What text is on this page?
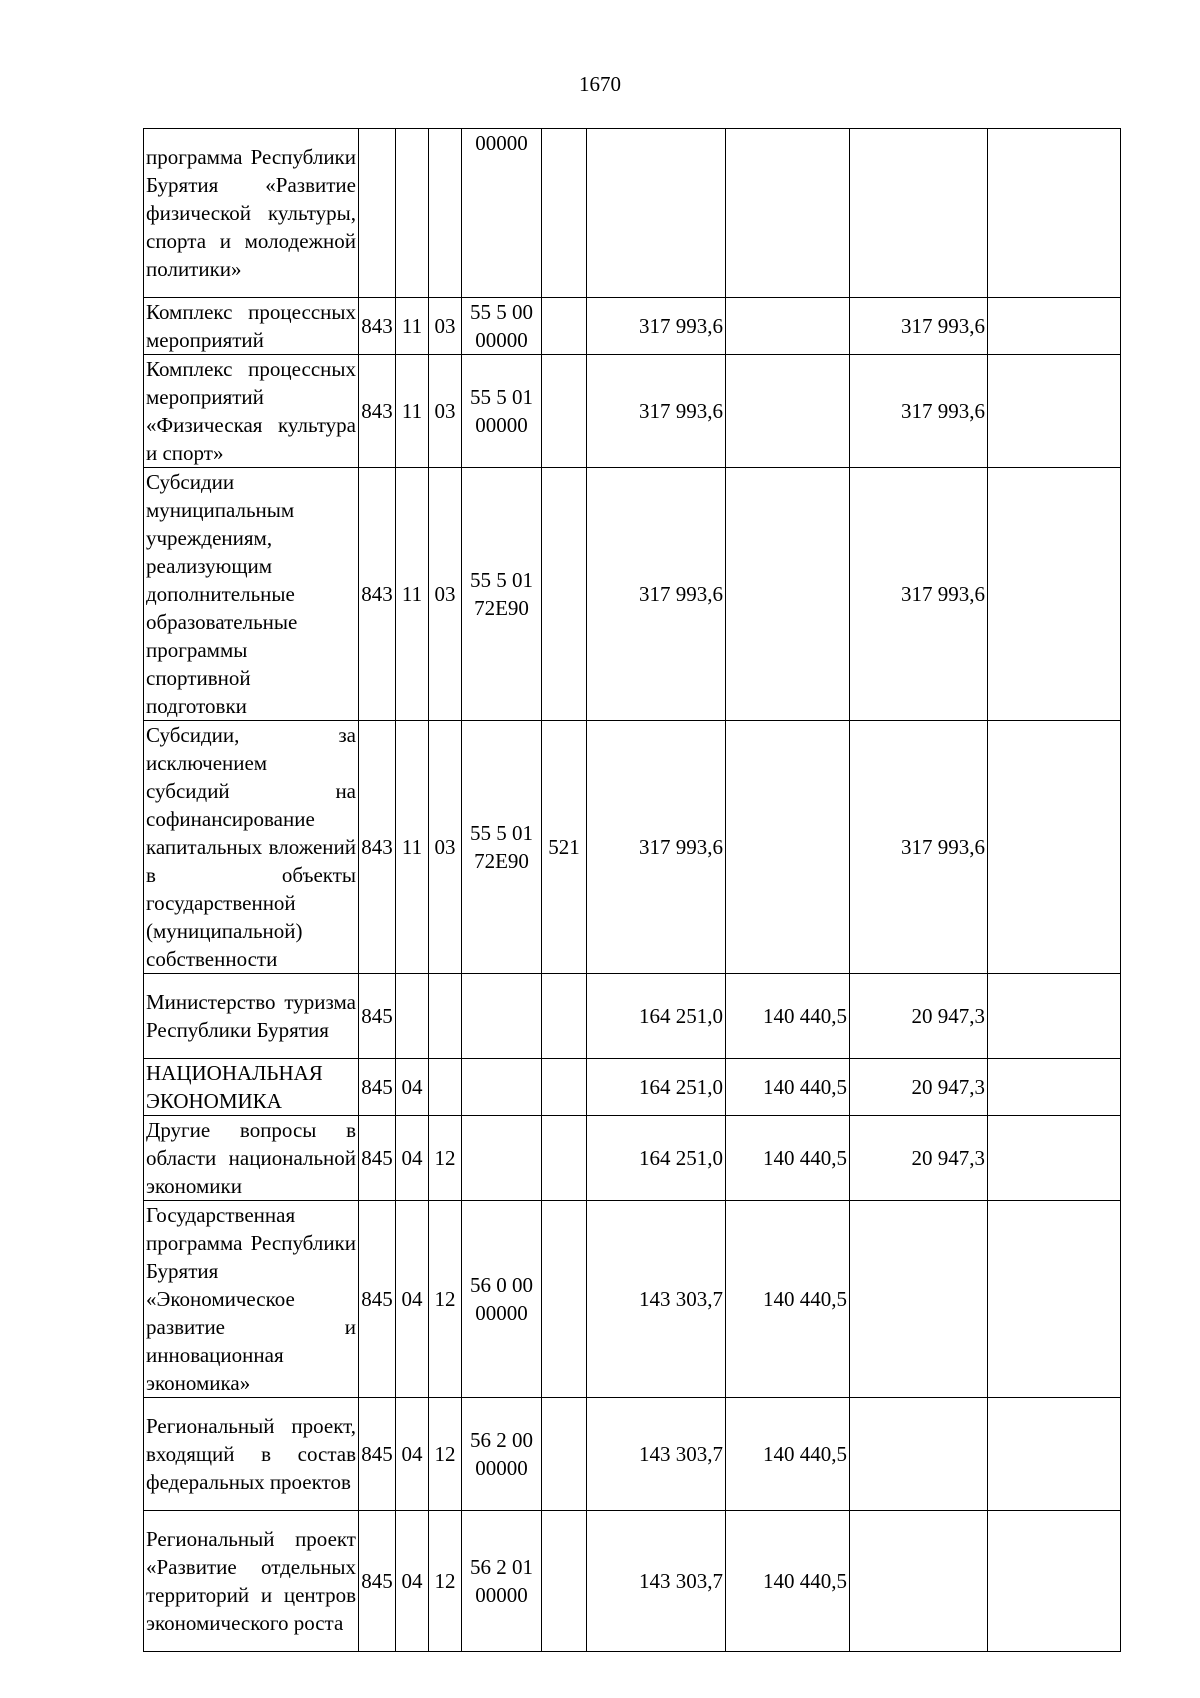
1670
программа Республики Бурятия «Развитие физической культуры, спорта и молодежной политики»				00000					
Комплекс процессных мероприятий	843	11	03	55 5 00 00000		317 993,6		317 993,6	
Комплекс процессных мероприятий «Физическая культура и спорт»	843	11	03	55 5 01 00000		317 993,6		317 993,6	
Субсидии муниципальным учреждениям, реализующим дополнительные образовательные программы спортивной подготовки	843	11	03	55 5 01 72Е90		317 993,6		317 993,6	
Субсидии, за исключением субсидий на софинансирование капитальных вложений в объекты государственной (муниципальной) собственности	843	11	03	55 5 01 72Е90	521	317 993,6		317 993,6	
Министерство туризма Республики Бурятия	845					164 251,0	140 440,5	20 947,3	
НАЦИОНАЛЬНАЯ ЭКОНОМИКА	845	04				164 251,0	140 440,5	20 947,3	
Другие вопросы в области национальной экономики	845	04	12			164 251,0	140 440,5	20 947,3	
Государственная программа Республики Бурятия «Экономическое развитие и инновационная экономика»	845	04	12	56 0 00 00000		143 303,7	140 440,5		
Региональный проект, входящий в состав федеральных проектов	845	04	12	56 2 00 00000		143 303,7	140 440,5		
Региональный проект «Развитие отдельных территорий и центров экономического роста	845	04	12	56 2 01 00000		143 303,7	140 440,5		
